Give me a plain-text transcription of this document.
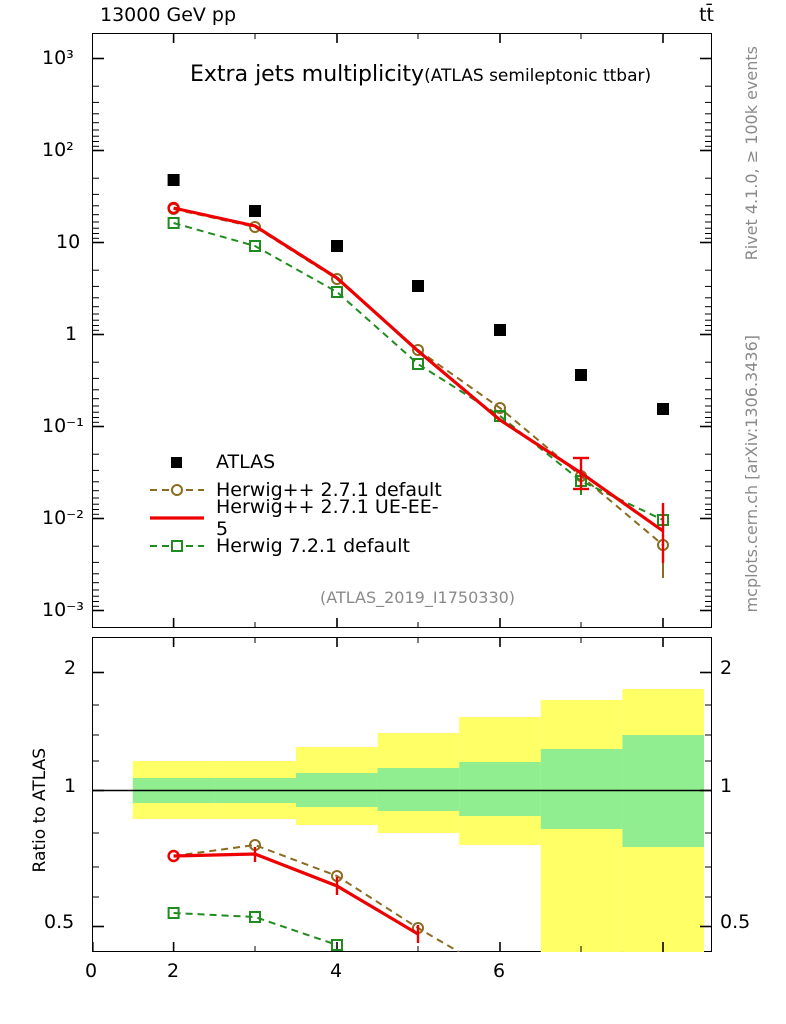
13000 GeV pp	tt̄
Rivet 4.1.0, ≥ 100k events
mcplots.cern.ch [arXiv:1306.3436]
Extra jets multiplicity(ATLAS semileptonic ttbar)
10³
10²
10
1
10⁻¹
10⁻²
10⁻³
ATLAS
Herwig++ 2.7.1 default
Herwig++ 2.7.1 UE-EE-5
Herwig 7.2.1 default
(ATLAS_2019_I1750330)
Ratio to ATLAS
2
1
0.5
2
1
0.5
0	2	4	6
